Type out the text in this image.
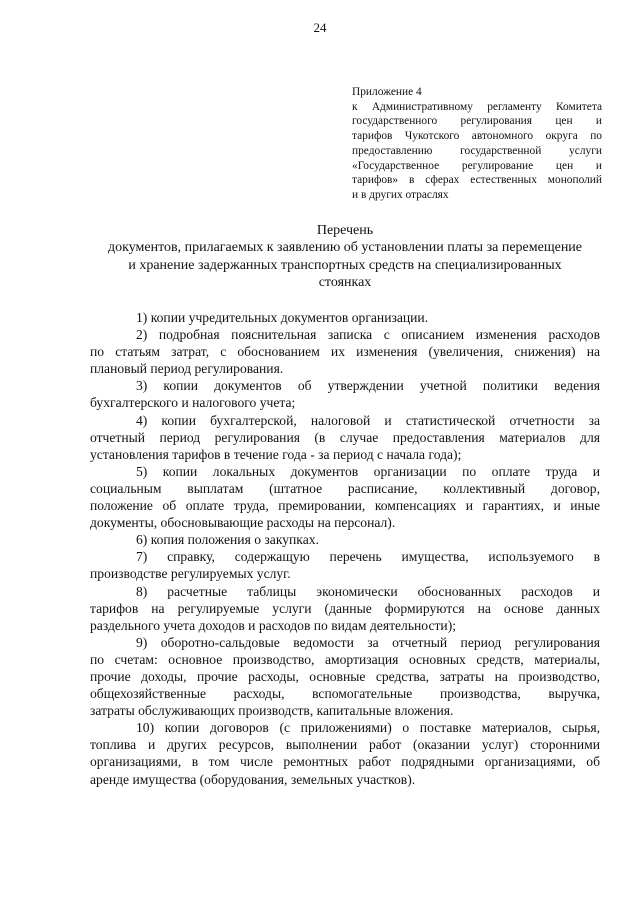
24
Приложение 4
к Административному регламенту Комитета
государственного регулирования цен и
тарифов Чукотского автономного округа по
предоставлению государственной услуги
«Государственное регулирование цен и
тарифов» в сферах естественных монополий
и в других отраслях
Перечень
документов, прилагаемых к заявлению об установлении платы за перемещение
и хранение задержанных транспортных средств на специализированных
стоянках
1) копии учредительных документов организации.
2) подробная пояснительная записка с описанием изменения расходов
по статьям затрат, с обоснованием их изменения (увеличения, снижения) на
плановый период регулирования.
3) копии документов об утверждении учетной политики ведения
бухгалтерского и налогового учета;
4) копии бухгалтерской, налоговой и статистической отчетности за
отчетный период регулирования (в случае предоставления материалов для
установления тарифов в течение года - за период с начала года);
5) копии локальных документов организации по оплате труда и
социальным выплатам (штатное расписание, коллективный договор,
положение об оплате труда, премировании, компенсациях и гарантиях, и иные
документы, обосновывающие расходы на персонал).
6) копия положения о закупках.
7) справку, содержащую перечень имущества, используемого в
производстве регулируемых услуг.
8) расчетные таблицы экономически обоснованных расходов и
тарифов на регулируемые услуги (данные формируются на основе данных
раздельного учета доходов и расходов по видам деятельности);
9) оборотно-сальдовые ведомости за отчетный период регулирования
по счетам: основное производство, амортизация основных средств, материалы,
прочие доходы, прочие расходы, основные средства, затраты на производство,
общехозяйственные расходы, вспомогательные производства, выручка,
затраты обслуживающих производств, капитальные вложения.
10) копии договоров (с приложениями) о поставке материалов, сырья,
топлива и других ресурсов, выполнении работ (оказании услуг) сторонними
организациями, в том числе ремонтных работ подрядными организациями, об
аренде имущества (оборудования, земельных участков).
